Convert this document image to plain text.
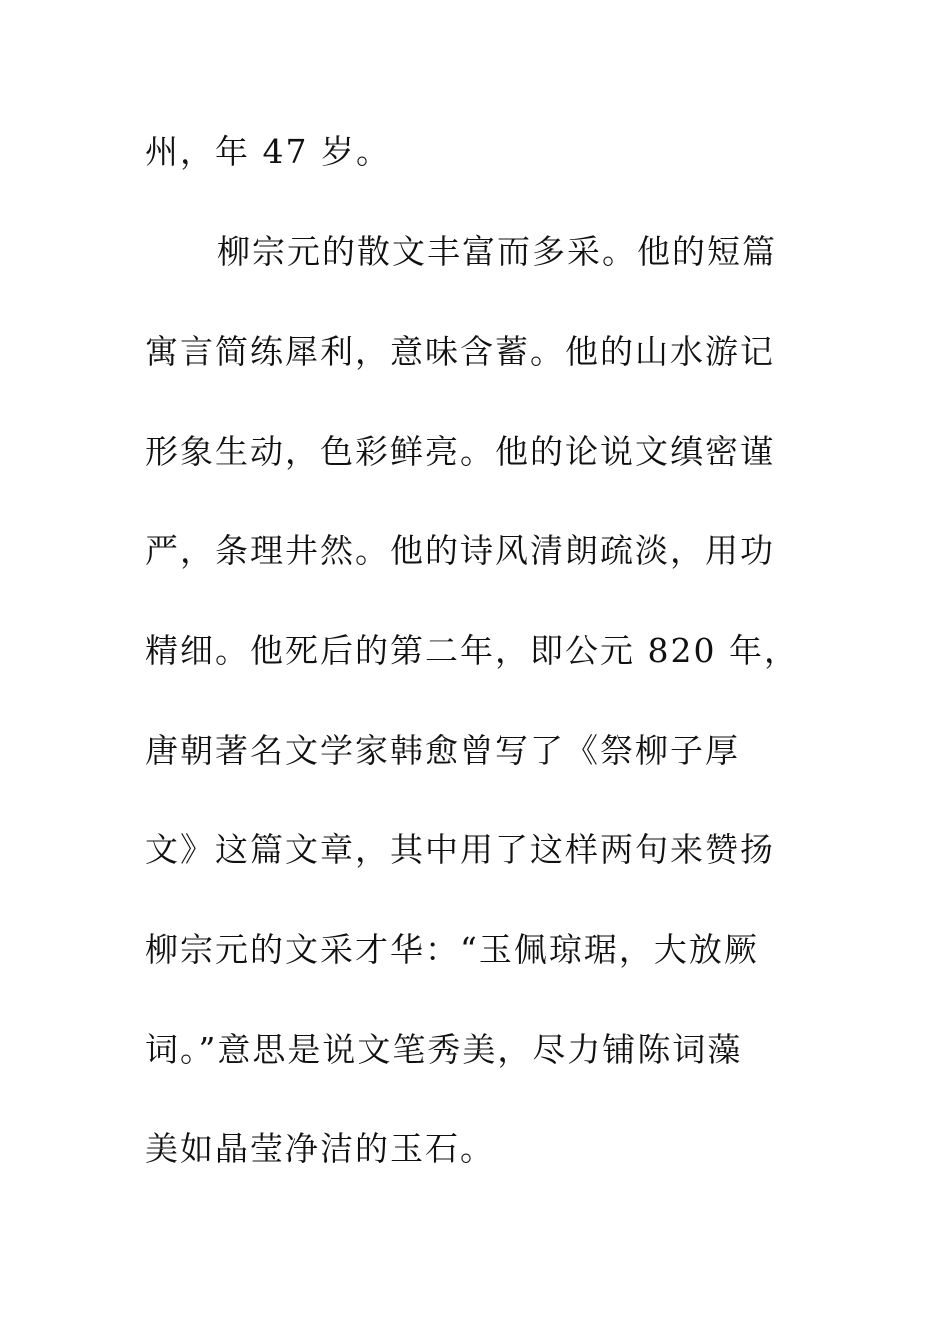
州，年 47 岁。
柳宗元的散文丰富而多采。他的短篇
寓言简练犀利，意味含蓄。他的山水游记
形象生动，色彩鲜亮。他的论说文缜密谨
严，条理井然。他的诗风清朗疏淡，用功
精细。他死后的第二年，即公元 820 年，
唐朝著名文学家韩愈曾写了《祭柳子厚
文》这篇文章，其中用了这样两句来赞扬
柳宗元的文采才华：“玉佩琼琚，大放厥
词。”意思是说文笔秀美，尽力铺陈词藻
美如晶莹净洁的玉石。
